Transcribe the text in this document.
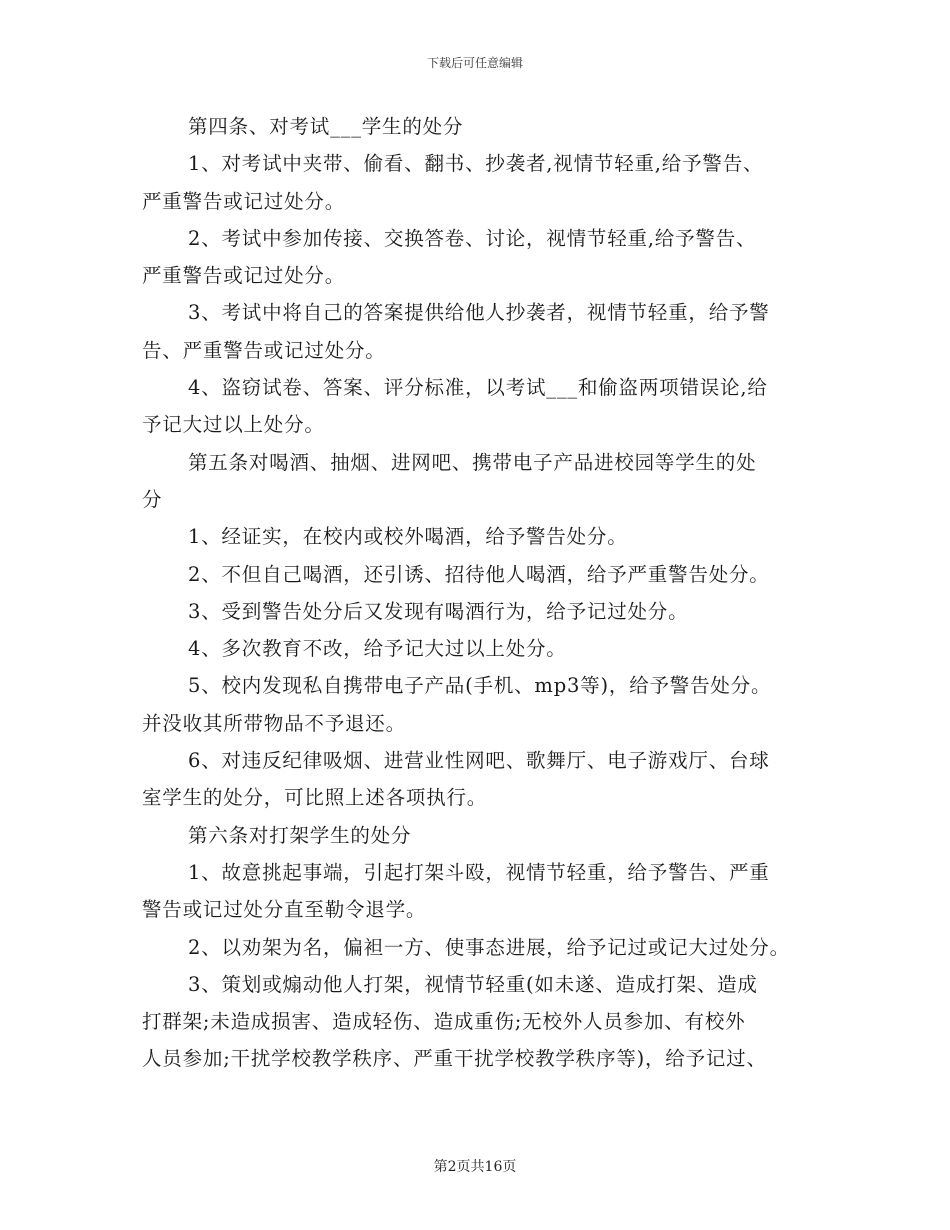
下载后可任意编辑
第四条、对考试___学生的处分
1、对考试中夹带、偷看、翻书、抄袭者,视情节轻重,给予警告、
严重警告或记过处分。
2、考试中参加传接、交换答卷、讨论，视情节轻重,给予警告、
严重警告或记过处分。
3、考试中将自己的答案提供给他人抄袭者，视情节轻重，给予警
告、严重警告或记过处分。
4、盗窃试卷、答案、评分标准，以考试___和偷盗两项错误论,给
予记大过以上处分。
第五条对喝酒、抽烟、进网吧、携带电子产品进校园等学生的处
分
1、经证实，在校内或校外喝酒，给予警告处分。
2、不但自己喝酒，还引诱、招待他人喝酒，给予严重警告处分。
3、受到警告处分后又发现有喝酒行为，给予记过处分。
4、多次教育不改，给予记大过以上处分。
5、校内发现私自携带电子产品(手机、mp3等)，给予警告处分。
并没收其所带物品不予退还。
6、对违反纪律吸烟、进营业性网吧、歌舞厅、电子游戏厅、台球
室学生的处分，可比照上述各项执行。
第六条对打架学生的处分
1、故意挑起事端，引起打架斗殴，视情节轻重，给予警告、严重
警告或记过处分直至勒令退学。
2、以劝架为名，偏袒一方、使事态进展，给予记过或记大过处分。
3、策划或煽动他人打架，视情节轻重(如未遂、造成打架、造成
打群架;未造成损害、造成轻伤、造成重伤;无校外人员参加、有校外
人员参加;干扰学校教学秩序、严重干扰学校教学秩序等)，给予记过、
第2页共16页
